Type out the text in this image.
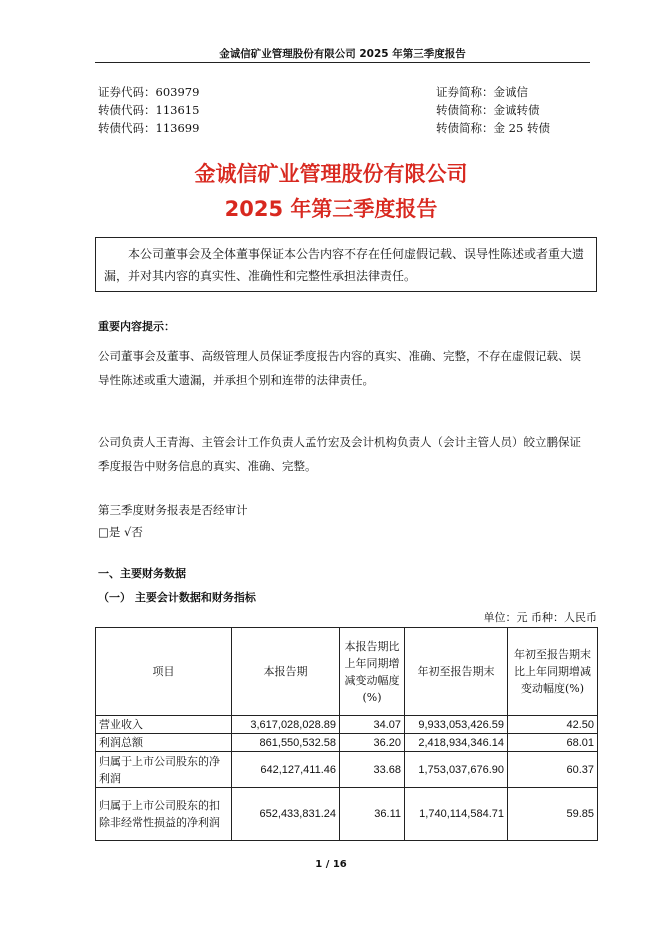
金诚信矿业管理股份有限公司 2025 年第三季度报告
证券代码：603979
转债代码：113615
转债代码：113699
证券简称：金诚信
转债简称：金诚转债
转债简称：金 25 转债
金诚信矿业管理股份有限公司
2025 年第三季度报告
本公司董事会及全体董事保证本公告内容不存在任何虚假记载、误导性陈述或者重大遗漏，并对其内容的真实性、准确性和完整性承担法律责任。
重要内容提示：
公司董事会及董事、高级管理人员保证季度报告内容的真实、准确、完整，不存在虚假记载、误导性陈述或重大遗漏，并承担个别和连带的法律责任。
公司负责人王青海、主管会计工作负责人孟竹宏及会计机构负责人（会计主管人员）皎立鹏保证季度报告中财务信息的真实、准确、完整。
第三季度财务报表是否经审计
□是 √否
一、主要财务数据
（一） 主要会计数据和财务指标
单位：元 币种：人民币
项目	本报告期	本报告期比上年同期增减变动幅度(%)	年初至报告期末	年初至报告期末比上年同期增减变动幅度(%)
营业收入	3,617,028,028.89	34.07	9,933,053,426.59	42.50
利润总额	861,550,532.58	36.20	2,418,934,346.14	68.01
归属于上市公司股东的净利润	642,127,411.46	33.68	1,753,037,676.90	60.37
归属于上市公司股东的扣除非经常性损益的净利润	652,433,831.24	36.11	1,740,114,584.71	59.85
1 / 16
